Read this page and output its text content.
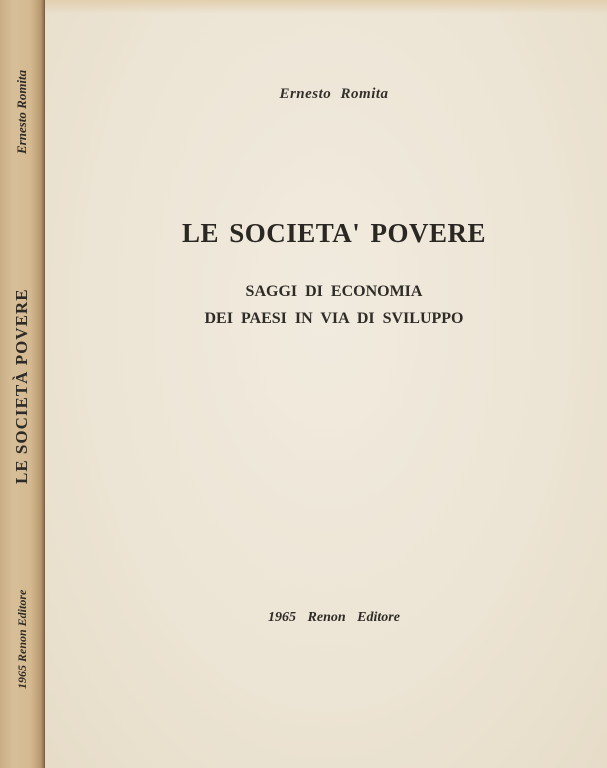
1965 Renon Editore
LE SOCIETÀ POVERE
Ernesto Romita	Ernesto Romita
LE SOCIETA' POVERE
SAGGI DI ECONOMIA
DEI PAESI IN VIA DI SVILUPPO
1965 Renon Editore
